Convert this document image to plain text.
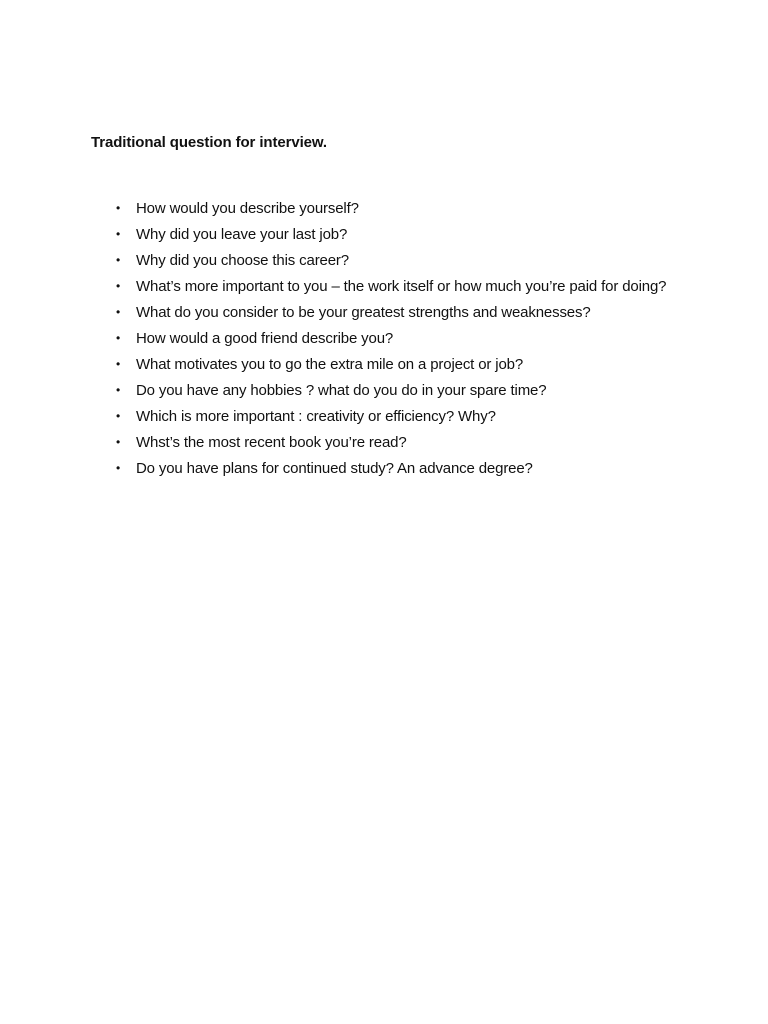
Traditional question for interview.
•	How would you describe yourself?
•	Why did you leave your last job?
•	Why did you choose this career?
•	What’s more important to you – the work itself or how much you’re paid for doing?
•	What do you consider to be your greatest strengths and weaknesses?
•	How would a good friend describe you?
•	What motivates you to go the extra mile on a project or job?
•	Do you have any hobbies ? what do you do in your spare time?
•	Which is more important : creativity or efficiency? Why?
•	Whst’s the most recent book you’re read?
•	Do you have plans for continued study? An advance degree?
